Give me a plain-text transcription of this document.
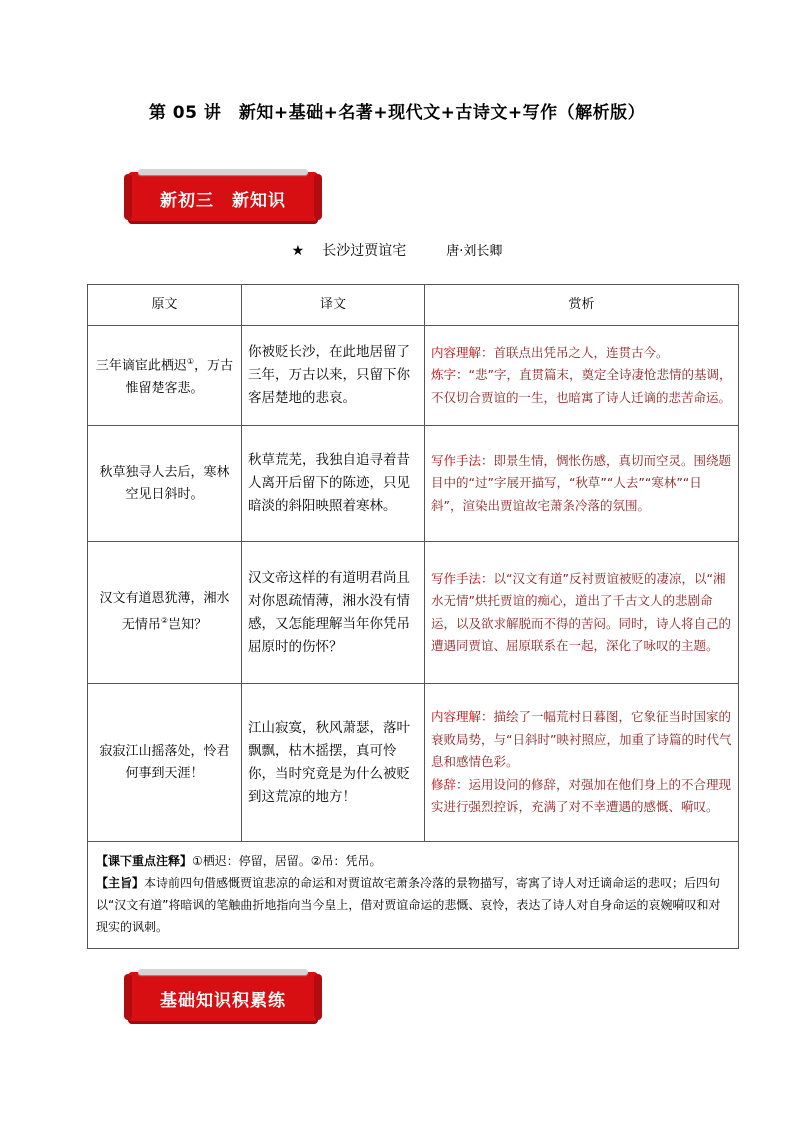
第 05 讲　新知+基础+名著+现代文+古诗文+写作（解析版）
新初三　新知识
★ 长沙过贾谊宅	唐·刘长卿
原文	译文	赏析
三年谪宦此栖迟①，万古惟留楚客悲。	你被贬长沙，在此地居留了三年，万古以来，只留下你客居楚地的悲哀。	内容理解：首联点出凭吊之人，连贯古今。
炼字：“悲”字，直贯篇末，奠定全诗凄怆悲情的基调，不仅切合贾谊的一生，也暗寓了诗人迁谪的悲苦命运。

秋草独寻人去后，寒林空见日斜时。	秋草荒芜，我独自追寻着昔人离开后留下的陈迹，只见暗淡的斜阳映照着寒林。	写作手法：即景生情，惆怅伤感，真切而空灵。围绕题目中的“过”字展开描写，“秋草”“人去”“寒林”“日斜”，渲染出贾谊故宅萧条冷落的氛围。

汉文有道恩犹薄，湘水无情吊②岂知？	汉文帝这样的有道明君尚且对你恩疏情薄，湘水没有情感，又怎能理解当年你凭吊屈原时的伤怀？	写作手法：以“汉文有道”反衬贾谊被贬的凄凉，以“湘水无情”烘托贾谊的痴心，道出了千古文人的悲剧命运，以及欲求解脱而不得的苦闷。同时，诗人将自己的遭遇同贾谊、屈原联系在一起，深化了咏叹的主题。

寂寂江山摇落处，怜君何事到天涯！	江山寂寞，秋风萧瑟，落叶飘飘，枯木摇摆，真可怜你，当时究竟是为什么被贬到这荒凉的地方！	内容理解：描绘了一幅荒村日暮图，它象征当时国家的衰败局势，与“日斜时”映衬照应，加重了诗篇的时代气息和感情色彩。
修辞：运用设问的修辞，对强加在他们身上的不合理现实进行强烈控诉，充满了对不幸遭遇的感慨、嗬叹。

【课下重点注释】①栖迟：停留，居留。②吊：凭吊。
【主旨】本诗前四句借感慨贾谊悲凉的命运和对贾谊故宅萧条冷落的景物描写，寄寓了诗人对迁谪命运的悲叹；后四句以“汉文有道”将暗讽的笔触曲折地指向当今皇上，借对贾谊命运的悲慨、哀怜，表达了诗人对自身命运的哀婉嗬叹和对现实的讽刺。		
基础知识积累练
